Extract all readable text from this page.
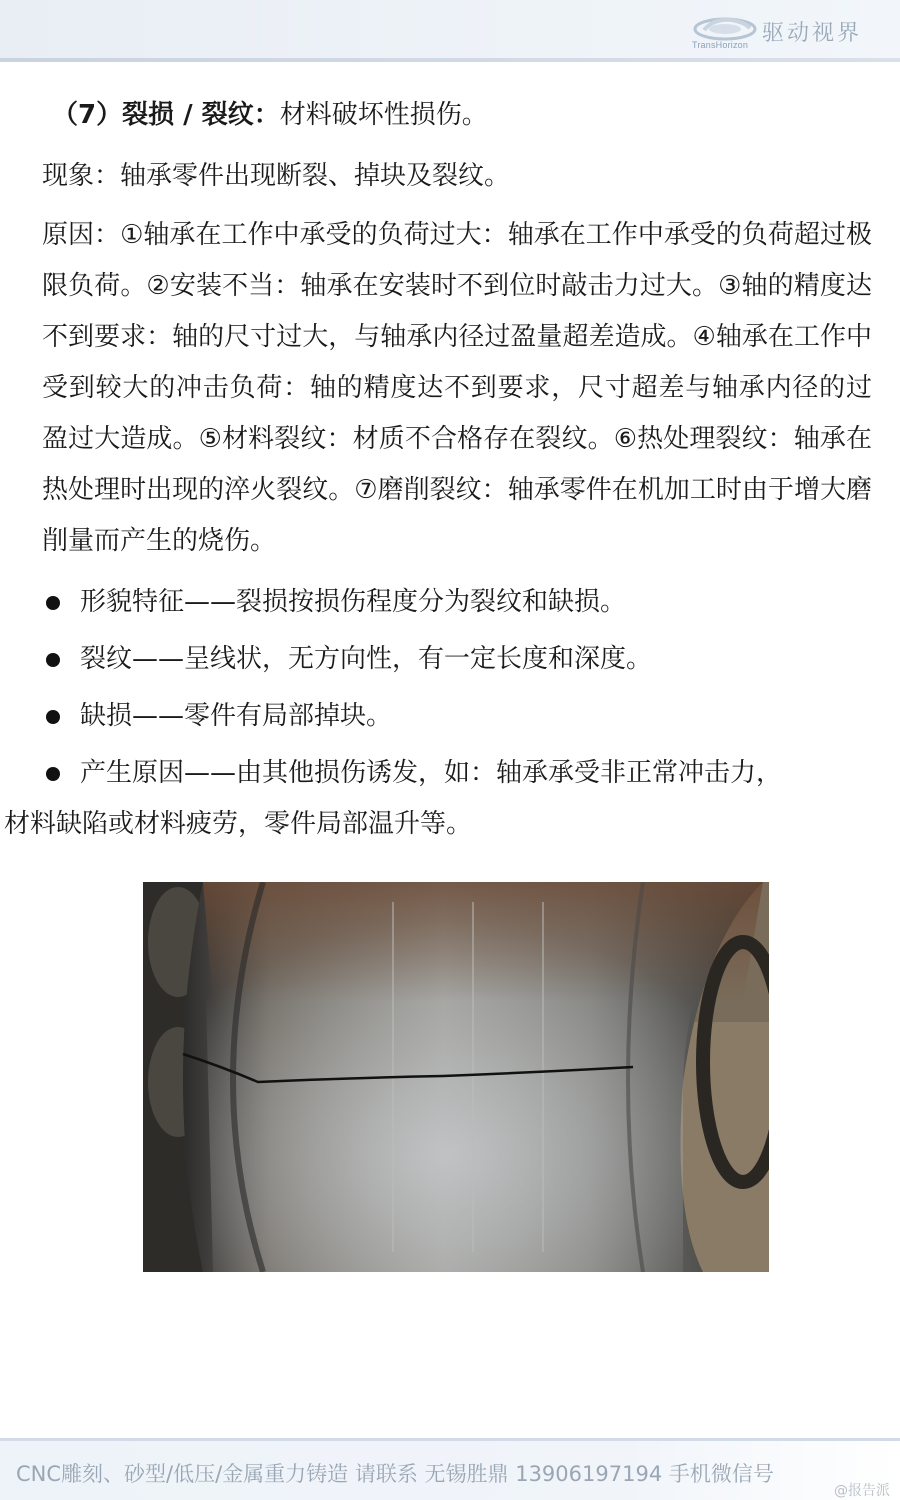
TransHorizon 驱动视界

（7）裂损 / 裂纹：材料破坏性损伤。

现象：轴承零件出现断裂、掉块及裂纹。

原因：①轴承在工作中承受的负荷过大：轴承在工作中承受的负荷超过极限负荷。②安装不当：轴承在安装时不到位时敲击力过大。③轴的精度达不到要求：轴的尺寸过大，与轴承内径过盈量超差造成。④轴承在工作中受到较大的冲击负荷：轴的精度达不到要求，尺寸超差与轴承内径的过盈过大造成。⑤材料裂纹：材质不合格存在裂纹。⑥热处理裂纹：轴承在热处理时出现的淬火裂纹。⑦磨削裂纹：轴承零件在机加工时由于增大磨削量而产生的烧伤。

形貌特征——裂损按损伤程度分为裂纹和缺损。
裂纹——呈线状，无方向性，有一定长度和深度。
缺损——零件有局部掉块。
产生原因——由其他损伤诱发，如：轴承承受非正常冲击力，
材料缺陷或材料疲劳，零件局部温升等。
CNC雕刻、砂型/低压/金属重力铸造 请联系 无锡胜鼎 13906197194 手机微信号
@报告派
